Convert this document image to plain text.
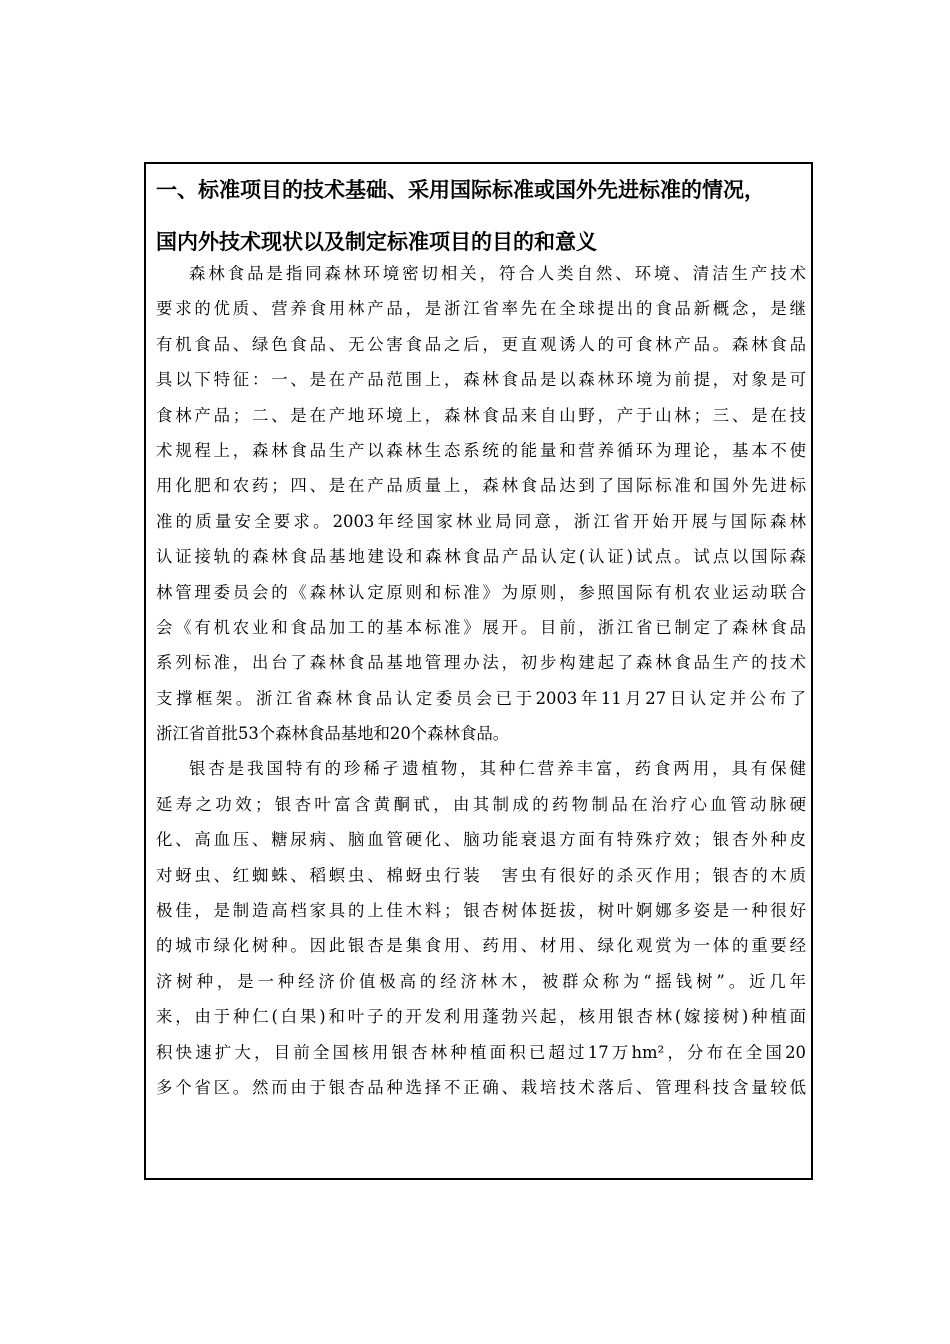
一、标准项目的技术基础、采用国际标准或国外先进标准的情况，
国内外技术现状以及制定标准项目的目的和意义
森林食品是指同森林环境密切相关，符合人类自然、环境、清洁生产技术
要求的优质、营养食用林产品，是浙江省率先在全球提出的食品新概念，是继
有机食品、绿色食品、无公害食品之后，更直观诱人的可食林产品。森林食品
具以下特征：一、是在产品范围上，森林食品是以森林环境为前提，对象是可
食林产品；二、是在产地环境上，森林食品来自山野，产于山林；三、是在技
术规程上，森林食品生产以森林生态系统的能量和营养循环为理论，基本不使
用化肥和农药；四、是在产品质量上，森林食品达到了国际标准和国外先进标
准的质量安全要求。2003年经国家林业局同意，浙江省开始开展与国际森林
认证接轨的森林食品基地建设和森林食品产品认定(认证)试点。试点以国际森
林管理委员会的《森林认定原则和标准》为原则，参照国际有机农业运动联合
会《有机农业和食品加工的基本标准》展开。目前，浙江省已制定了森林食品
系列标准，出台了森林食品基地管理办法，初步构建起了森林食品生产的技术
支撑框架。浙江省森林食品认定委员会已于2003年11月27日认定并公布了
浙江省首批53个森林食品基地和20个森林食品。
银杏是我国特有的珍稀孑遗植物，其种仁营养丰富，药食两用，具有保健
延寿之功效；银杏叶富含黄酮甙，由其制成的药物制品在治疗心血管动脉硬
化、高血压、糖尿病、脑血管硬化、脑功能衰退方面有特殊疗效；银杏外种皮
对蚜虫、红蜘蛛、稻螟虫、棉蚜虫行装　害虫有很好的杀灭作用；银杏的木质
极佳，是制造高档家具的上佳木料；银杏树体挺拔，树叶婀娜多姿是一种很好
的城市绿化树种。因此银杏是集食用、药用、材用、绿化观赏为一体的重要经
济树种，是一种经济价值极高的经济林木，被群众称为“摇钱树”。近几年
来，由于种仁(白果)和叶子的开发利用蓬勃兴起，核用银杏林(嫁接树)种植面
积快速扩大，目前全国核用银杏林种植面积已超过17万hm²，分布在全国20
多个省区。然而由于银杏品种选择不正确、栽培技术落后、管理科技含量较低
